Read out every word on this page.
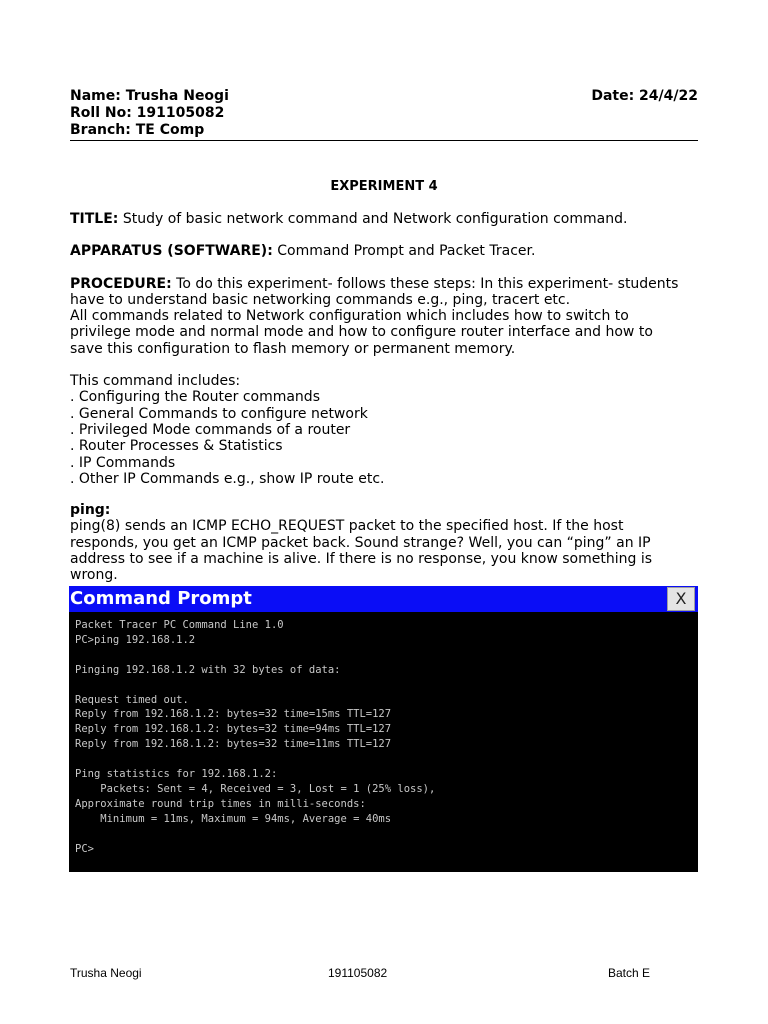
Name: Trusha Neogi	Date: 24/4/22
Roll No: 191105082
Branch: TE Comp
EXPERIMENT 4

TITLE: Study of basic network command and Network configuration command.

APPARATUS (SOFTWARE): Command Prompt and Packet Tracer.

PROCEDURE: To do this experiment- follows these steps: In this experiment- students
have to understand basic networking commands e.g., ping, tracert etc.
All commands related to Network configuration which includes how to switch to
privilege mode and normal mode and how to configure router interface and how to
save this configuration to flash memory or permanent memory.
This command includes:
. Configuring the Router commands
. General Commands to configure network
. Privileged Mode commands of a router
. Router Processes & Statistics
. IP Commands
. Other IP Commands e.g., show IP route etc.
ping:
ping(8) sends an ICMP ECHO_REQUEST packet to the specified host. If the host
responds, you get an ICMP packet back. Sound strange? Well, you can “ping” an IP
address to see if a machine is alive. If there is no response, you know something is
wrong.
Command Prompt	X
Packet Tracer PC Command Line 1.0
PC>ping 192.168.1.2

Pinging 192.168.1.2 with 32 bytes of data:

Request timed out.
Reply from 192.168.1.2: bytes=32 time=15ms TTL=127
Reply from 192.168.1.2: bytes=32 time=94ms TTL=127
Reply from 192.168.1.2: bytes=32 time=11ms TTL=127

Ping statistics for 192.168.1.2:
Packets: Sent = 4, Received = 3, Lost = 1 (25% loss),
Approximate round trip times in milli-seconds:
Minimum = 11ms, Maximum = 94ms, Average = 40ms

PC>
Trusha Neogi	191105082	Batch E
